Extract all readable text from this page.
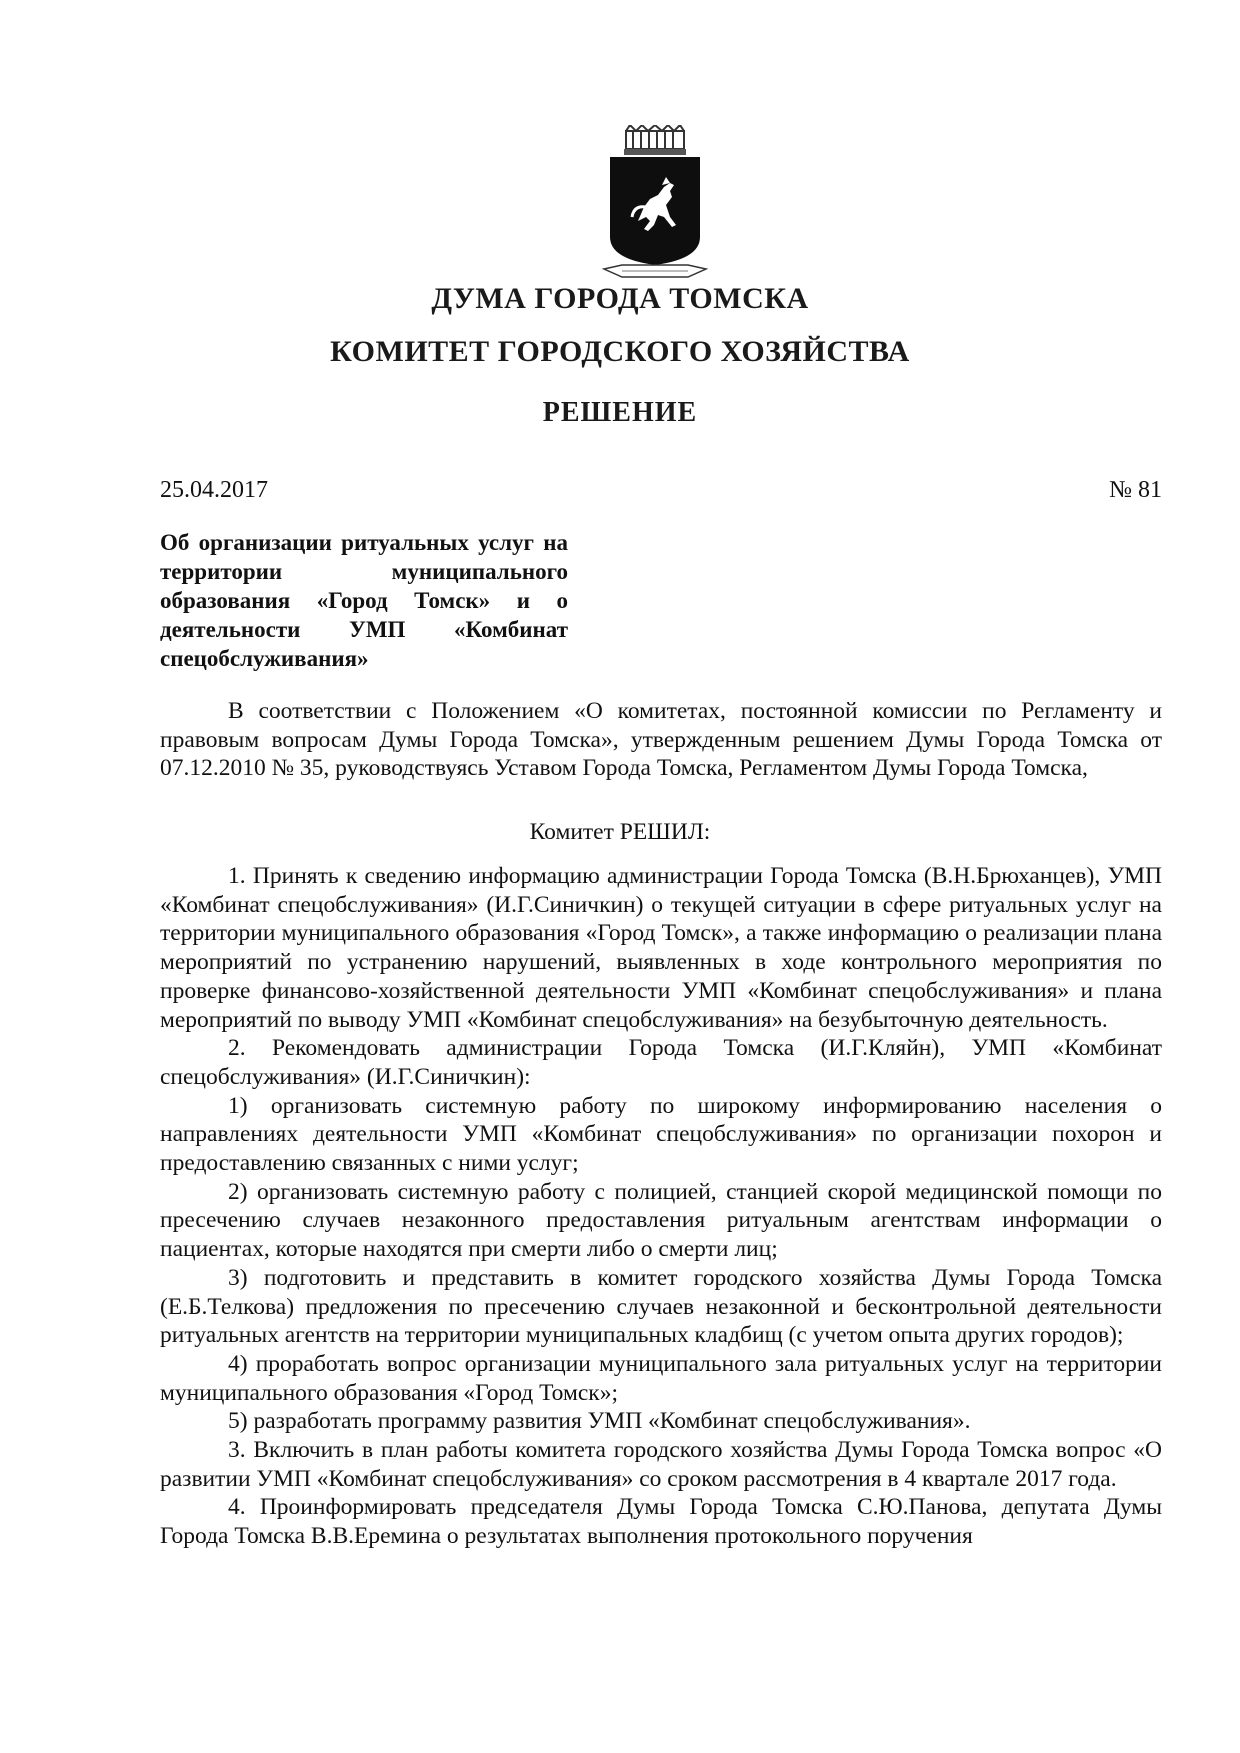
ДУМА ГОРОДА ТОМСКА
КОМИТЕТ ГОРОДСКОГО ХОЗЯЙСТВА
РЕШЕНИЕ
25.04.2017	№ 81
Об организации ритуальных услуг на территории муниципального образования «Город Томск» и о деятельности УМП «Комбинат спецобслуживания»

В соответствии с Положением «О комитетах, постоянной комиссии по Регламенту и правовым вопросам Думы Города Томска», утвержденным решением Думы Города Томска от 07.12.2010 № 35, руководствуясь Уставом Города Томска, Регламентом Думы Города Томска,

Комитет РЕШИЛ:

1. Принять к сведению информацию администрации Города Томска (В.Н.Брюханцев), УМП «Комбинат спецобслуживания» (И.Г.Синичкин) о текущей ситуации в сфере ритуальных услуг на территории муниципального образования «Город Томск», а также информацию о реализации плана мероприятий по устранению нарушений, выявленных в ходе контрольного мероприятия по проверке финансово-хозяйственной деятельности УМП «Комбинат спецобслуживания» и плана мероприятий по выводу УМП «Комбинат спецобслуживания» на безубыточную деятельность.

2. Рекомендовать администрации Города Томска (И.Г.Кляйн), УМП «Комбинат спецобслуживания» (И.Г.Синичкин):

1) организовать системную работу по широкому информированию населения о направлениях деятельности УМП «Комбинат спецобслуживания» по организации похорон и предоставлению связанных с ними услуг;

2) организовать системную работу с полицией, станцией скорой медицинской помощи по пресечению случаев незаконного предоставления ритуальным агентствам информации о пациентах, которые находятся при смерти либо о смерти лиц;

3) подготовить и представить в комитет городского хозяйства Думы Города Томска (Е.Б.Телкова) предложения по пресечению случаев незаконной и бесконтрольной деятельности ритуальных агентств на территории муниципальных кладбищ (с учетом опыта других городов);

4) проработать вопрос организации муниципального зала ритуальных услуг на территории муниципального образования «Город Томск»;

5) разработать программу развития УМП «Комбинат спецобслуживания».

3. Включить в план работы комитета городского хозяйства Думы Города Томска вопрос «О развитии УМП «Комбинат спецобслуживания» со сроком рассмотрения в 4 квартале 2017 года.

4. Проинформировать председателя Думы Города Томска С.Ю.Панова, депутата Думы Города Томска В.В.Еремина о результатах выполнения протокольного поручения
